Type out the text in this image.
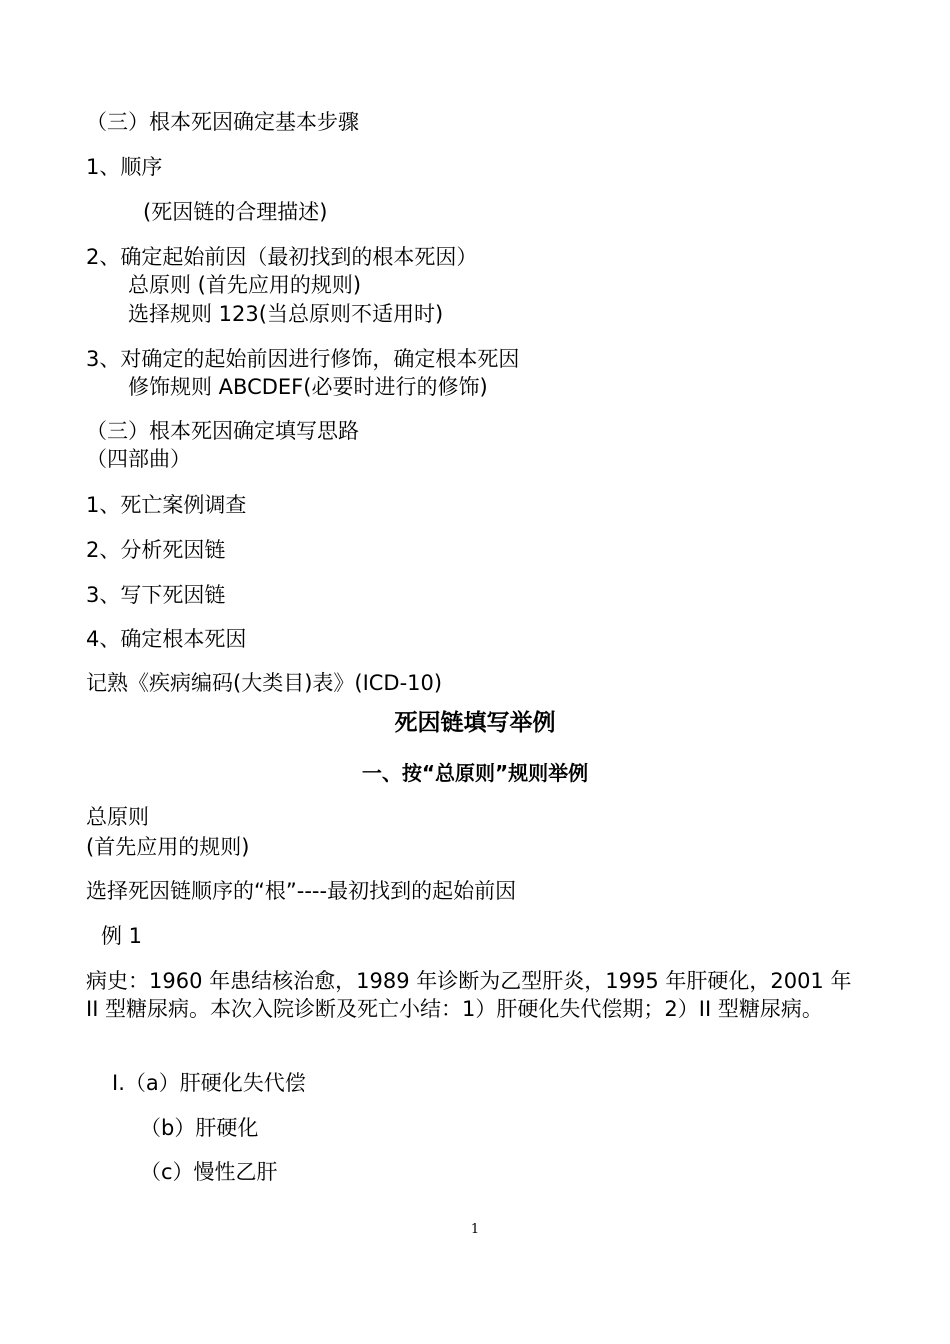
（三）根本死因确定基本步骤
1、顺序
(死因链的合理描述)
2、确定起始前因（最初找到的根本死因）
总原则 (首先应用的规则)
选择规则 123(当总原则不适用时)
3、对确定的起始前因进行修饰，确定根本死因
修饰规则 ABCDEF(必要时进行的修饰)
（三）根本死因确定填写思路
（四部曲）
1、死亡案例调查
2、分析死因链
3、写下死因链
4、确定根本死因
记熟《疾病编码(大类目)表》(ICD-10)
死因链填写举例
一、按“总原则”规则举例
总原则
(首先应用的规则)
选择死因链顺序的“根”----最初找到的起始前因
例 1
病史：1960 年患结核治愈，1989 年诊断为乙型肝炎，1995 年肝硬化，2001 年 II 型糖尿病。本次入院诊断及死亡小结：1）肝硬化失代偿期；2）II 型糖尿病。
I.（a）肝硬化失代偿
（b）肝硬化
（c）慢性乙肝
1
